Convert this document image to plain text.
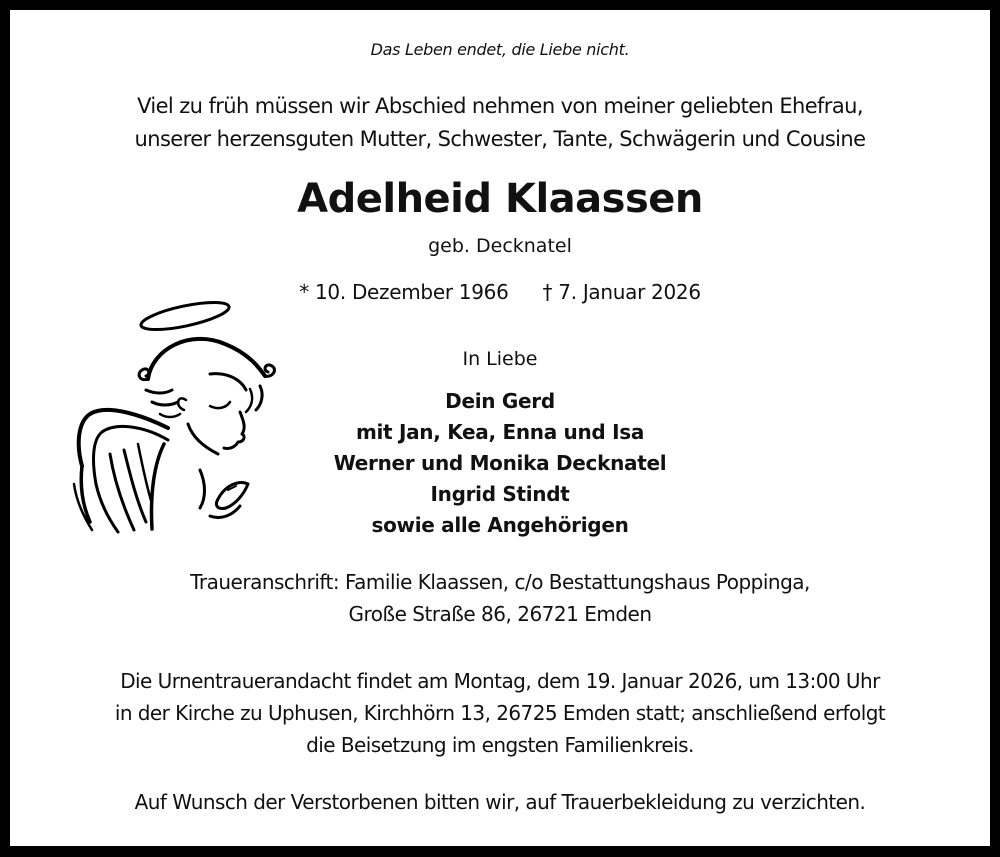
Das Leben endet, die Liebe nicht.
Viel zu früh müssen wir Abschied nehmen von meiner geliebten Ehefrau,
unserer herzensguten Mutter, Schwester, Tante, Schwägerin und Cousine
Adelheid Klaassen
geb. Decknatel
* 10. Dezember 1966 † 7. Januar 2026
In Liebe
Dein Gerd
mit Jan, Kea, Enna und Isa
Werner und Monika Decknatel
Ingrid Stindt
sowie alle Angehörigen
Traueranschrift: Familie Klaassen, c/o Bestattungshaus Poppinga,
Große Straße 86, 26721 Emden
Die Urnentrauerandacht findet am Montag, dem 19. Januar 2026, um 13:00 Uhr
in der Kirche zu Uphusen, Kirchhörn 13, 26725 Emden statt; anschließend erfolgt
die Beisetzung im engsten Familienkreis.
Auf Wunsch der Verstorbenen bitten wir, auf Trauerbekleidung zu verzichten.
